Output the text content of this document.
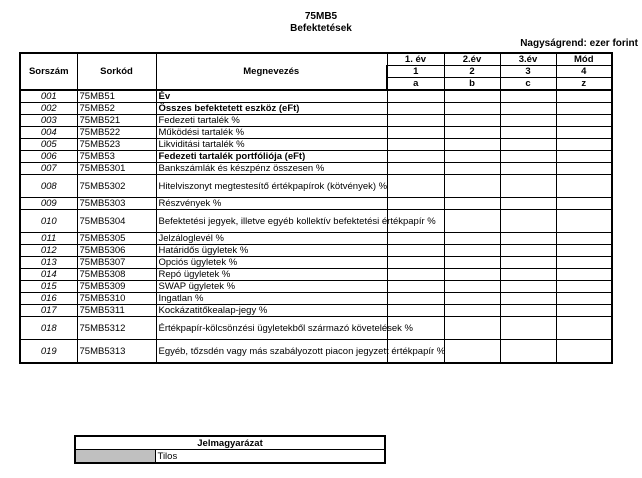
75MB5
Befektetések
Nagyságrend: ezer forint
Sorszám	Sorkód	Megnevezés	1. év	2.év	3.év	Mód
			1	2	3	4
			a	b	c	z
001	75MB51	Év				
002	75MB52	Összes befektetett eszköz (eFt)				
003	75MB521	Fedezeti tartalék %				
004	75MB522	Működési tartalék %				
005	75MB523	Likviditási tartalék %				
006	75MB53	Fedezeti tartalék portfóliója (eFt)				
007	75MB5301	Bankszámlák és készpénz összesen %				
008	75MB5302	Hitelviszonyt megtestesítő értékpapírok (kötvények) %				
009	75MB5303	Részvények %				
010	75MB5304	Befektetési jegyek, illetve egyéb kollektív befektetési értékpapír %				
011	75MB5305	Jelzáloglevél %				
012	75MB5306	Határidős ügyletek %				
013	75MB5307	Opciós ügyletek %				
014	75MB5308	Repó ügyletek %				
015	75MB5309	SWAP ügyletek %				
016	75MB5310	Ingatlan %				
017	75MB5311	Kockázatitőkealap-jegy %				
018	75MB5312	Értékpapír-kölcsönzési ügyletekből származó követelések %				
019	75MB5313	Egyéb, tőzsdén vagy más szabályozott piacon jegyzett értékpapír %				
Jelmagyarázat
	Tilos
